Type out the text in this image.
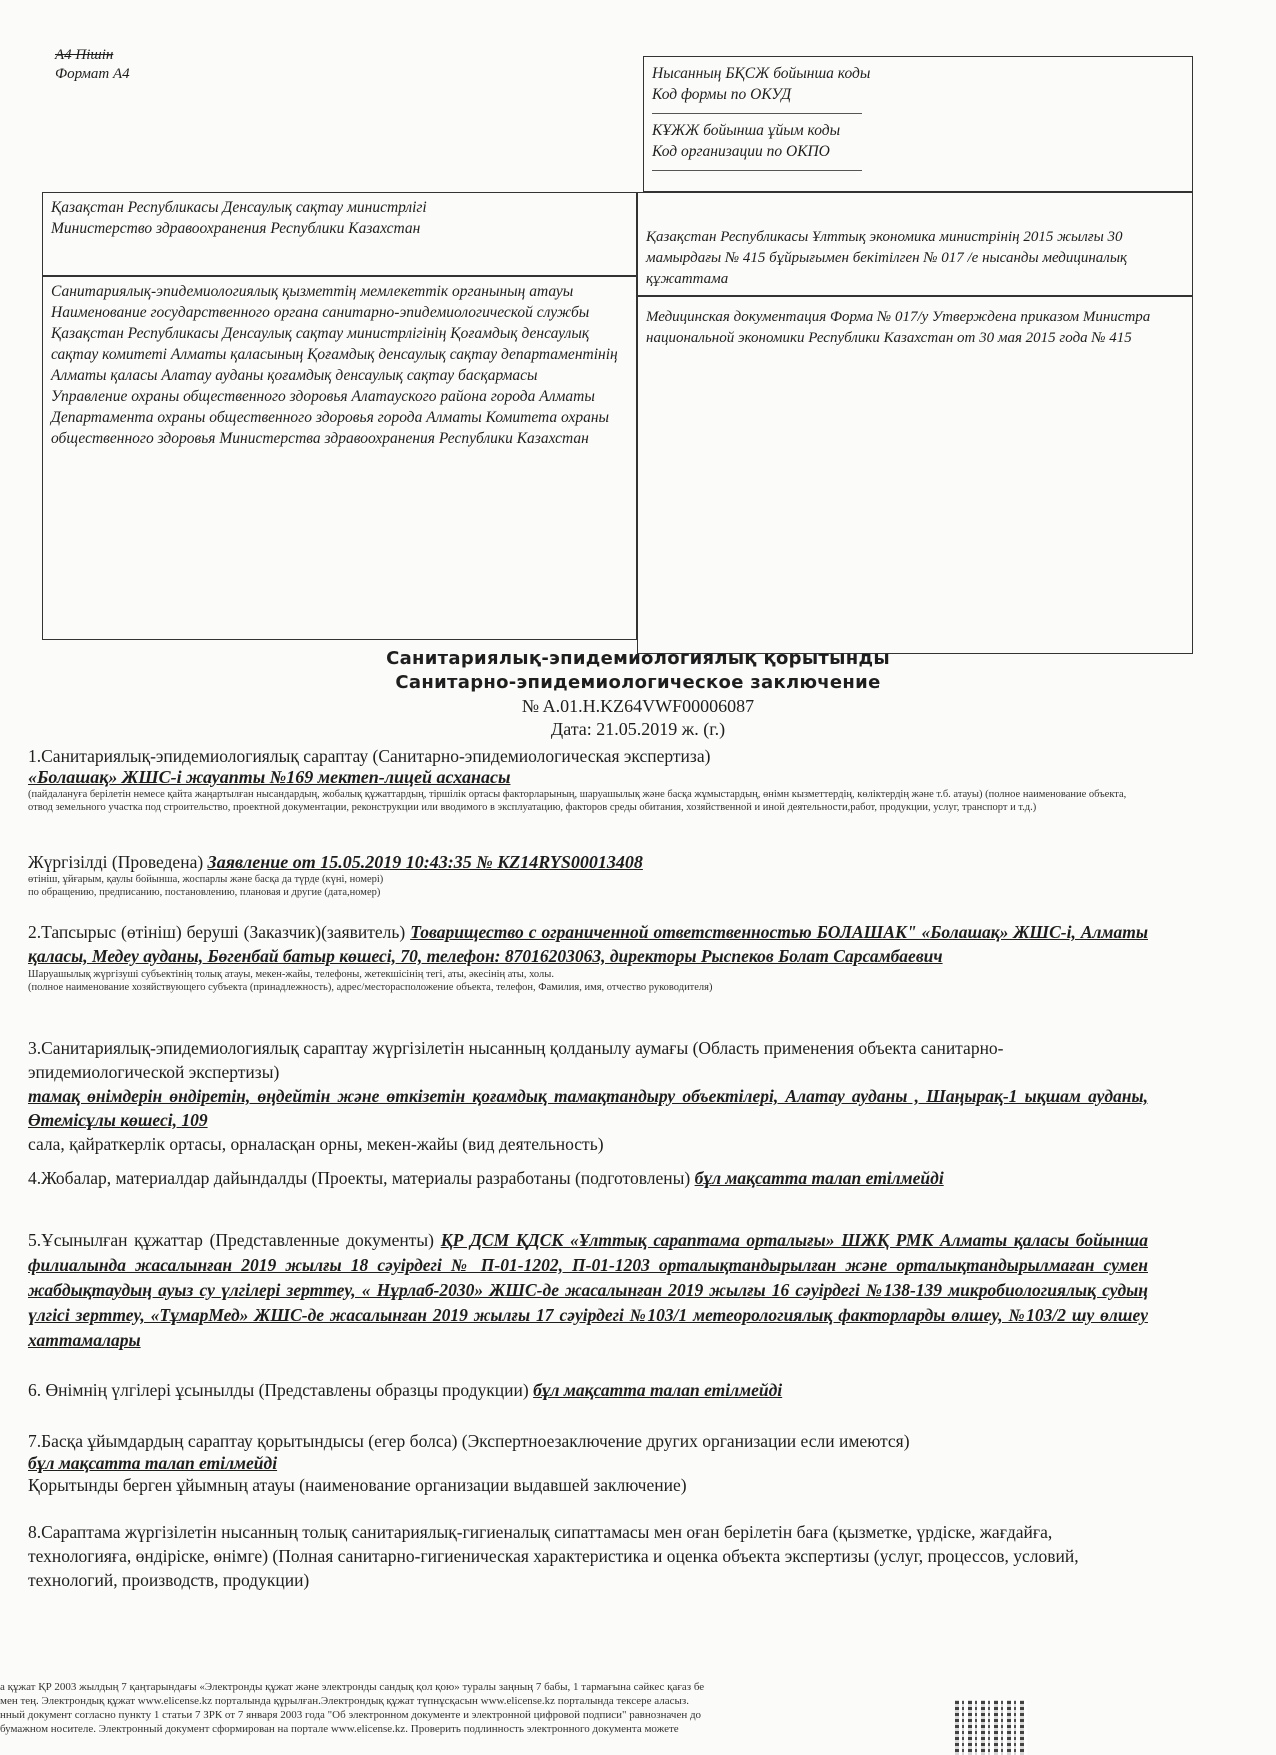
А4 Пішін
Формат А4	Нысанның БҚСЖ бойынша коды
Код формы по ОКУД
КҰЖЖ бойынша ұйым коды
Код организации по ОКПО
Қазақстан Республикасы Денсаулық сақтау министрлігі
Министерство здравоохранения Республики Казахстан	Қазақстан Республикасы Ұлттық экономика министрінің 2015 жылғы 30 мамырдағы № 415 бұйрығымен бекітілген № 017 /е нысанды медициналық құжаттама
Санитариялық-эпидемиологиялық қызметтің мемлекеттік органының атауы
Наименование государственного органа санитарно-эпидемиологической службы
Қазақстан Республикасы Денсаулық сақтау министрлігінің Қоғамдық денсаулық сақтау комитеті Алматы қаласының Қоғамдық денсаулық сақтау департаментінің Алматы қаласы Алатау ауданы қоғамдық денсаулық сақтау басқармасы
Управление охраны общественного здоровья Алатауского района города Алматы Департамента охраны общественного здоровья города Алматы Комитета охраны общественного здоровья Министерства здравоохранения Республики Казахстан
Медицинская документация Форма № 017/у Утверждена приказом Министра национальной экономики Республики Казахстан от 30 мая 2015 года № 415
Санитариялық-эпидемиологиялық қорытынды
Санитарно-эпидемиологическое заключение
№ A.01.H.KZ64VWF00006087
Дата: 21.05.2019 ж. (г.)
1.Санитариялық-эпидемиологиялық сараптау (Санитарно-эпидемиологическая экспертиза)
«Болашақ» ЖШС-і жауапты №169 мектеп-лицей асханасы
(пайдалануға берілетін немесе қайта жаңартылған нысандардың, жобалық құжаттардың, тіршілік ортасы факторларының, шаруашылық және басқа жұмыстардың, өнімн кызметтердің, көліктердің және т.б. атауы) (полное наименование объекта, отвод земельного участка под строительство, проектной документации, реконструкции или вводимого в эксплуатацию, факторов среды обитания, хозяйственной и иной деятельности,работ, продукции, услуг, транспорт и т.д.)
Жүргізілді (Проведена) Заявление от 15.05.2019 10:43:35 № KZ14RYS00013408
өтініш, ұйғарым, қаулы бойынша, жоспарлы және басқа да түрде (күні, номері)
по обращению, предписанию, постановлению, плановая и другие (дата,номер)
2.Тапсырыс (өтініш) беруші (Заказчик)(заявитель) Товарищество с ограниченной ответственностью БОЛАШАК" «Болашақ» ЖШС-і, Алматы қаласы, Медеу ауданы, Бөгенбай батыр көшесі, 70, телефон: 87016203063, директоры Рыспеков Болат Сарсамбаевич
Шаруашылық жүргізуші субъектінің толық атауы, мекен-жайы, телефоны, жетекшісінің тегі, аты, әкесінің аты, холы.
(полное наименование хозяйствующего субъекта (принадлежность), адрес/месторасположение объекта, телефон, Фамилия, имя, отчество руководителя)
3.Санитариялық-эпидемиологиялық сараптау жүргізілетін нысанның қолданылу аумағы (Область применения объекта санитарно-эпидемиологической экспертизы)
тамақ өнімдерін өндіретін, өңдейтін және өткізетін қоғамдық тамақтандыру объектілері, Алатау ауданы , Шаңырақ-1 ықшам ауданы, Өтемісұлы көшесі, 109
сала, қайраткерлік ортасы, орналасқан орны, мекен-жайы (вид деятельность)
4.Жобалар, материалдар дайындалды (Проекты, материалы разработаны (подготовлены) бұл мақсатта талап етілмейді
5.Ұсынылған құжаттар (Представленные документы) ҚР ДСМ ҚДСК «Ұлттық сараптама орталығы» ШЖҚ РМК Алматы қаласы бойынша филиалында жасалынған 2019 жылғы 18 сәуірдегі № П-01-1202, П-01-1203 орталықтандырылған және орталықтандырылмаған сумен жабдықтаудың ауыз су үлгілері зерттеу, « Нұрлаб-2030» ЖШС-де жасалынған 2019 жылғы 16 сәуірдегі №138-139 микробиологиялық судың үлгісі зерттеу, «ТұмарМед» ЖШС-де жасалынған 2019 жылғы 17 сәуірдегі №103/1 метеорологиялық факторларды өлшеу, №103/2 шу өлшеу хаттамалары
6. Өнімнің үлгілері ұсынылды (Представлены образцы продукции) бұл мақсатта талап етілмейді
7.Басқа ұйымдардың сараптау қорытындысы (егер болса) (Экспертноезаключение других организации если имеются)
бұл мақсатта талап етілмейді
Қорытынды берген ұйымның атауы (наименование организации выдавшей заключение)
8.Сараптама жүргізілетін нысанның толық санитариялық-гигиеналық сипаттамасы мен оған берілетін баға (қызметке, үрдіске, жағдайға, технологияға, өндіріске, өнімге) (Полная санитарно-гигиеническая характеристика и оценка объекта экспертизы (услуг, процессов, условий, технологий, производств, продукции)
а құжат ҚР 2003 жылдың 7 қаңтарындағы «Электронды құжат және электронды сандық қол қою» туралы заңның 7 бабы, 1 тармағына сәйкес қағаз бе
мен тең. Электрондық құжат www.elicense.kz порталында құрылған.Электрондық құжат түпнұсқасын www.elicense.kz порталында тексере аласыз.
нный документ согласно пункту 1 статьи 7 ЗРК от 7 января 2003 года "Об электронном документе и электронной цифровой подписи" равнозначен до
бумажном носителе. Электронный документ сформирован на портале www.elicense.kz. Проверить подлинность электронного документа можете
